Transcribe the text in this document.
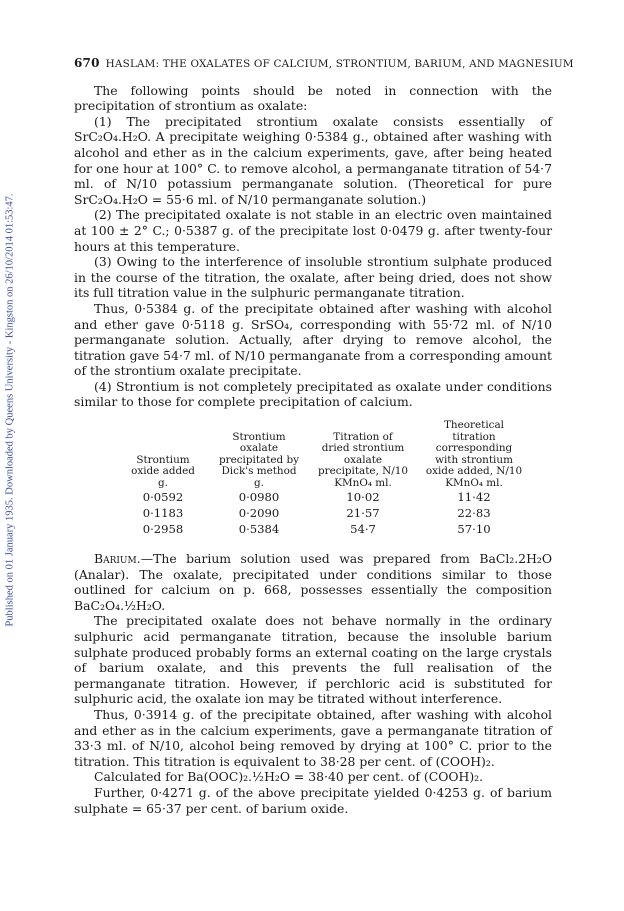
Published on 01 January 1935. Downloaded by Queens University - Kingston on 26/10/2014 01:53:47.
670 HASLAM: THE OXALATES OF CALCIUM, STRONTIUM, BARIUM, AND MAGNESIUM

The following points should be noted in connection with the precipitation of strontium as oxalate:

(1) The precipitated strontium oxalate consists essentially of SrC₂O₄.H₂O. A precipitate weighing 0·5384 g., obtained after washing with alcohol and ether as in the calcium experiments, gave, after being heated for one hour at 100° C. to remove alcohol, a permanganate titration of 54·7 ml. of N/10 potassium permanganate solution. (Theoretical for pure SrC₂O₄.H₂O = 55·6 ml. of N/10 permanganate solution.)

(2) The precipitated oxalate is not stable in an electric oven maintained at 100 ± 2° C.; 0·5387 g. of the precipitate lost 0·0479 g. after twenty-four hours at this temperature.

(3) Owing to the interference of insoluble strontium sulphate produced in the course of the titration, the oxalate, after being dried, does not show its full titration value in the sulphuric permanganate titration.

Thus, 0·5384 g. of the precipitate obtained after washing with alcohol and ether gave 0·5118 g. SrSO₄, corresponding with 55·72 ml. of N/10 permanganate solution. Actually, after drying to remove alcohol, the titration gave 54·7 ml. of N/10 permanganate from a corresponding amount of the strontium oxalate precipitate.

(4) Strontium is not completely precipitated as oxalate under conditions similar to those for complete precipitation of calcium.

Strontium oxide added g.	Strontium oxalate precipitated by Dick's method g.	Titration of dried strontium oxalate precipitate, N/10 KMnO₄ ml.	Theoretical titration corresponding with strontium oxide added, N/10 KMnO₄ ml.
0·0592	0·0980	10·02	11·42
0·1183	0·2090	21·57	22·83
0·2958	0·5384	54·7	57·10

Barium.—The barium solution used was prepared from BaCl₂.2H₂O (Analar). The oxalate, precipitated under conditions similar to those outlined for calcium on p. 668, possesses essentially the composition BaC₂O₄.½H₂O.

The precipitated oxalate does not behave normally in the ordinary sulphuric acid permanganate titration, because the insoluble barium sulphate produced probably forms an external coating on the large crystals of barium oxalate, and this prevents the full realisation of the permanganate titration. However, if perchloric acid is substituted for sulphuric acid, the oxalate ion may be titrated without interference.

Thus, 0·3914 g. of the precipitate obtained, after washing with alcohol and ether as in the calcium experiments, gave a permanganate titration of 33·3 ml. of N/10, alcohol being removed by drying at 100° C. prior to the titration. This titration is equivalent to 38·28 per cent. of (COOH)₂.

Calculated for Ba(OOC)₂.½H₂O = 38·40 per cent. of (COOH)₂.

Further, 0·4271 g. of the above precipitate yielded 0·4253 g. of barium sulphate = 65·37 per cent. of barium oxide.
